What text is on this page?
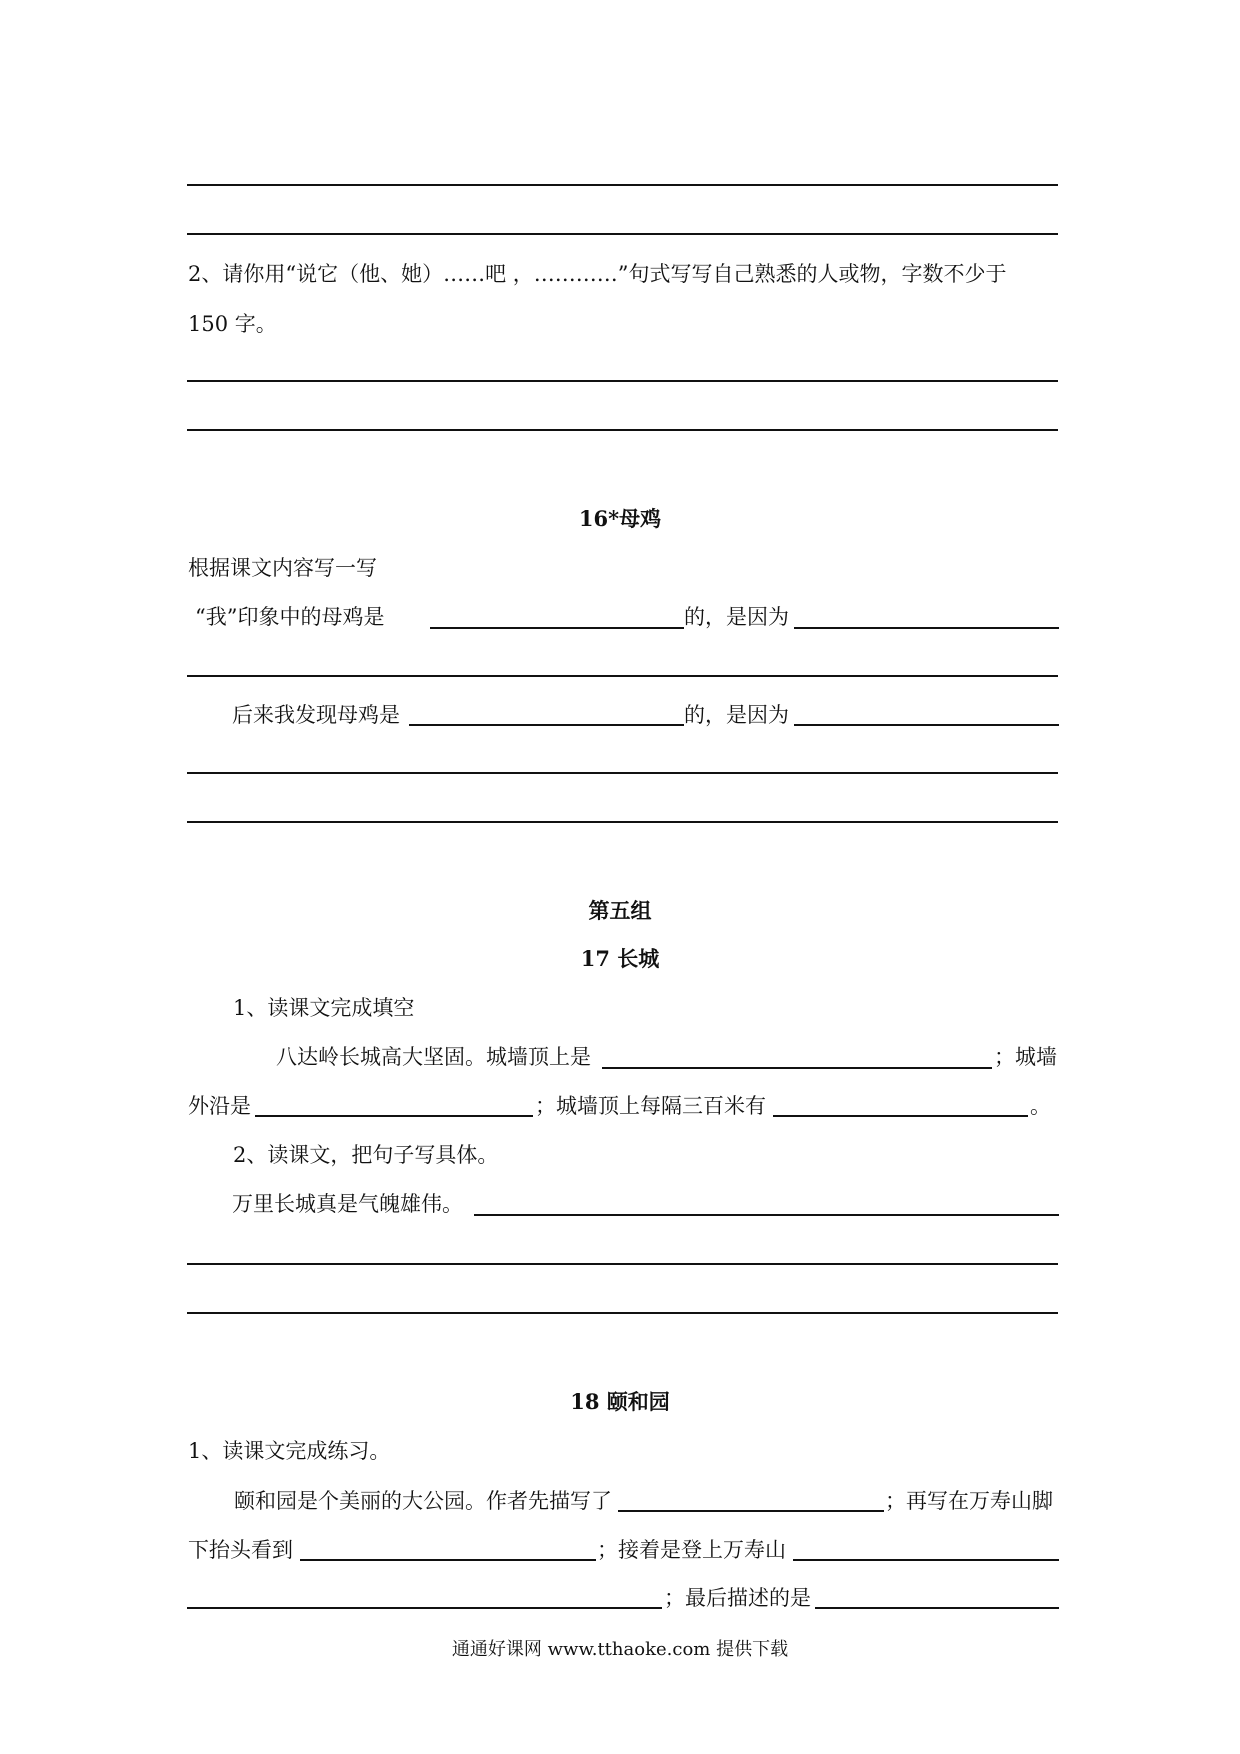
2、请你用“说它（他、她）……吧 ，…………”句式写写自己熟悉的人或物，字数不少于
150 字。
16*母鸡
根据课文内容写一写
“我”印象中的母鸡是	的，是因为
后来我发现母鸡是	的，是因为
第五组
17 长城
1、读课文完成填空
八达岭长城高大坚固。城墙顶上是	；城墙
外沿是	；城墙顶上每隔三百米有	。
2、读课文，把句子写具体。
万里长城真是气魄雄伟。
18 颐和园
1、读课文完成练习。
颐和园是个美丽的大公园。作者先描写了	；再写在万寿山脚
下抬头看到	；接着是登上万寿山
；最后描述的是
通通好课网 www.tthaoke.com 提供下载
